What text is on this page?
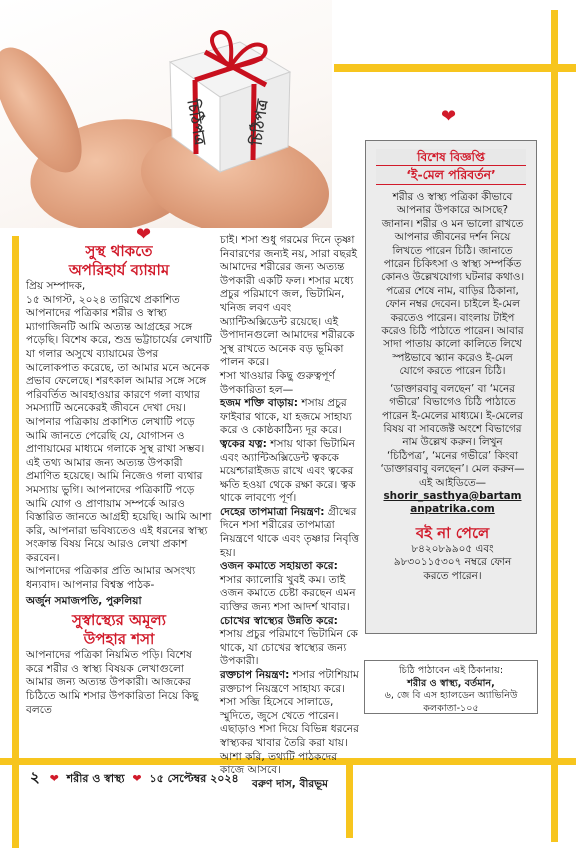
চিঠিপত্র	চিঠিপত্র
❤
সুস্থ থাকতে
অপরিহার্য ব্যায়াম

প্রিয় সম্পাদক,

১৫ আগস্ট, ২০২৪ তারিখে প্রকাশিত আপনাদের পত্রিকার শরীর ও স্বাস্থ্য ম্যাগাজিনটি আমি অত্যন্ত আগ্রহের সঙ্গে পড়েছি। বিশেষ করে, শুভ্র ভট্টাচার্যের লেখাটি যা গলার অসুখে ব্যায়ামের উপর আলোকপাত করেছে, তা আমার মনে অনেক প্রভাব ফেলেছে। শরৎকাল আমার সঙ্গে সঙ্গে পরিবর্তিত আবহাওয়ার কারণে গলা ব্যথার সমস্যাটি অনেকেরই জীবনে দেখা দেয়। আপনার পত্রিকায় প্রকাশিত লেখাটি পড়ে আমি জানতে পেরেছি যে, যোগাসন ও প্রাণায়ামের মাধ্যমে গলাকে সুস্থ রাখা সম্ভব। এই তথ্য আমার জন্য অত্যন্ত উপকারী প্রমাণিত হয়েছে। আমি নিজেও গলা ব্যথার সমস্যায় ভুগি। আপনাদের পত্রিকাটি পড়ে আমি যোগ ও প্রাণায়াম সম্পর্কে আরও বিস্তারিত জানতে আগ্রহী হয়েছি। আমি আশা করি, আপনারা ভবিষ্যতেও এই ধরনের স্বাস্থ্য সংক্রান্ত বিষয় নিয়ে আরও লেখা প্রকাশ করবেন।

আপনাদের পত্রিকার প্রতি আমার অসংখ্য ধন্যবাদ। আপনার বিশ্বস্ত পাঠক-

অর্জুন সমাজপতি, পুরুলিয়া

সুস্বাস্থ্যের অমূল্য
উপহার শসা

আপনাদের পত্রিকা নিয়মিত পড়ি। বিশেষ করে শরীর ও স্বাস্থ্য বিষয়ক লেখাগুলো আমার জন্য অত্যন্ত উপকারী। আজকের চিঠিতে আমি শসার উপকারিতা নিয়ে কিছু বলতে

চাই। শসা শুধু গরমের দিনে তৃষ্ণা নিবারণের জন্যই নয়, সারা বছরই আমাদের শরীরের জন্য অত্যন্ত উপকারী একটি ফল। শসার মধ্যে প্রচুর পরিমাণে জল, ভিটামিন, খনিজ লবণ এবং অ্যান্টিঅক্সিডেন্ট রয়েছে। এই উপাদানগুলো আমাদের শরীরকে সুস্থ রাখতে অনেক বড় ভূমিকা পালন করে।

শসা খাওয়ার কিছু গুরুত্বপূর্ণ উপকারিতা হল—

হজম শক্তি বাড়ায়: শসায় প্রচুর ফাইবার থাকে, যা হজমে সাহায্য করে ও কোষ্ঠকাঠিন্য দূর করে।

ত্বকের যত্ন: শসায় থাকা ভিটামিন এবং অ্যান্টিঅক্সিডেন্ট ত্বককে ময়েশ্চারাইজড রাখে এবং ত্বকের ক্ষতি হওয়া থেকে রক্ষা করে। ত্বক থাকে লাবণ্যে পূর্ণ।

দেহের তাপমাত্রা নিয়ন্ত্রণ: গ্রীষ্মের দিনে শসা শরীরের তাপমাত্রা নিয়ন্ত্রণে থাকে এবং তৃষ্ণার নিবৃত্তি হয়।

ওজন কমাতে সহায়তা করে: শসার ক্যালোরি খুবই কম। তাই ওজন কমাতে চেষ্টা করছেন এমন ব্যক্তির জন্য শসা আদর্শ খাবার।

চোখের স্বাস্থ্যের উন্নতি করে: শসায় প্রচুর পরিমাণে ভিটামিন কে থাকে, যা চোখের স্বাস্থ্যের জন্য উপকারী।

রক্তচাপ নিয়ন্ত্রণ: শসার পটাশিয়াম রক্তচাপ নিয়ন্ত্রণে সাহায্য করে।

শসা সব্জি হিসেবে সালাডে, স্মুদিতে, জুসে খেতে পারেন। এছাড়াও শসা দিয়ে বিভিন্ন ধরনের স্বাস্থ্যকর খাবার তৈরি করা যায়। আশা করি, তথ্যটি পাঠকদের কাজে আসবে।

বরুণ দাস, বীরভূম

❤
বিশেষ বিজ্ঞপ্তি
‘ই-মেল পরিবর্তন’

শরীর ও স্বাস্থ্য পত্রিকা কীভাবে আপনার উপকারে আসছে? জানান। শরীর ও মন ভালো রাখতে আপনার জীবনের দর্শন নিয়ে লিখতে পারেন চিঠি। জানাতে পারেন চিকিৎসা ও স্বাস্থ্য সম্পর্কিত কোনও উল্লেখযোগ্য ঘটনার কথাও। পত্রের শেষে নাম, বাড়ির ঠিকানা, ফোন নম্বর দেবেন। চাইলে ই-মেল করতেও পারেন। বাংলায় টাইপ করেও চিঠি পাঠাতে পারেন। আবার সাদা পাতায় কালো কালিতে লিখে স্পষ্টভাবে স্ক্যান করেও ই-মেল যোগে করতে পারেন চিঠি।

‘ডাক্তারবাবু বলছেন’ বা ‘মনের গভীরে’ বিভাগেও চিঠি পাঠাতে পারেন ই-মেলের মাধ্যমে। ই-মেলের বিষয় বা সাবজেক্ট অংশে বিভাগের নাম উল্লেখ করুন। লিখুন ‘চিঠিপত্র’, ‘মনের গভীরে’ কিংবা ‘ডাক্তারবাবু বলছেন’। মেল করুন—এই আইডিতে—

shorir_sasthya@bartamanpatrika.com
বই না পেলে

৮৪২০৮৯৯০৫ এবং ৯৮৩০১১৫৩০৭ নম্বরে ফোন করতে পারেন।

চিঠি পাঠাবেন এই ঠিকানায়:
শরীর ও স্বাস্থ্য, বর্তমান,
৬, জে বি এস হ্যালডেন অ্যাভিনিউ
কলকাতা-১০৫
২ ❤ শরীর ও স্বাস্থ্য ❤ ১৫ সেপ্টেম্বর ২০২৪
